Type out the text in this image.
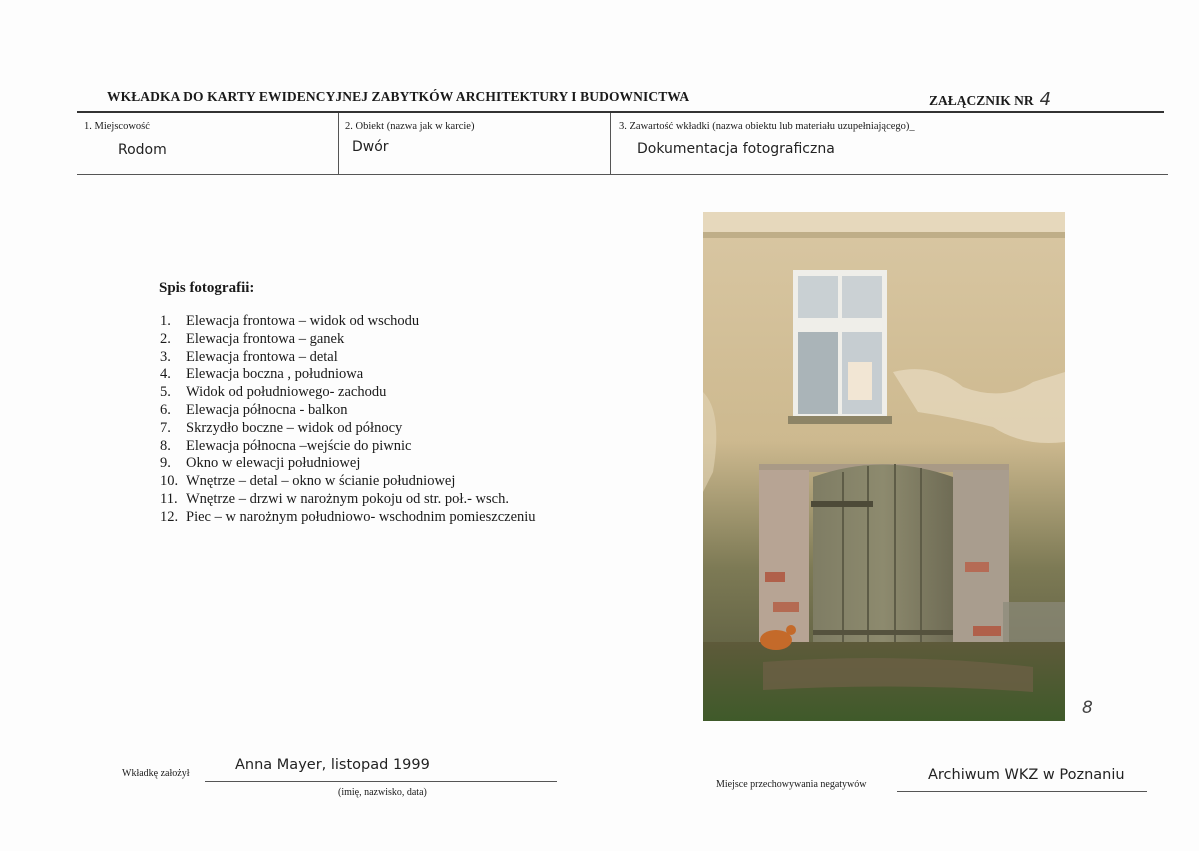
WKŁADKA DO KARTY EWIDENCYJNEJ ZABYTKÓW ARCHITEKTURY I BUDOWNICTWA	ZAŁĄCZNIK NR 4
1. Miejscowość
Rodom
2. Obiekt (nazwa jak w karcie)
Dwór
3. Zawartość wkładki (nazwa obiektu lub materiału uzupełniającego)_
Dokumentacja fotograficzna
Spis fotografii:
1. Elewacja frontowa – widok od wschodu
2. Elewacja frontowa – ganek
3. Elewacja frontowa – detal
4. Elewacja boczna , południowa
5. Widok od południowego- zachodu
6. Elewacja północna - balkon
7. Skrzydło boczne – widok od północy
8. Elewacja północna –wejście do piwnic
9. Okno w elewacji południowej
10. Wnętrze – detal – okno w ścianie południowej
11. Wnętrze – drzwi w narożnym pokoju od str. poł.- wsch.
12. Piec – w narożnym południowo- wschodnim pomieszczeniu
8
Wkładkę założył
Anna Mayer, listopad 1999
(imię, nazwisko, data)
Miejsce przechowywania negatywów
Archiwum WKZ w Poznaniu
